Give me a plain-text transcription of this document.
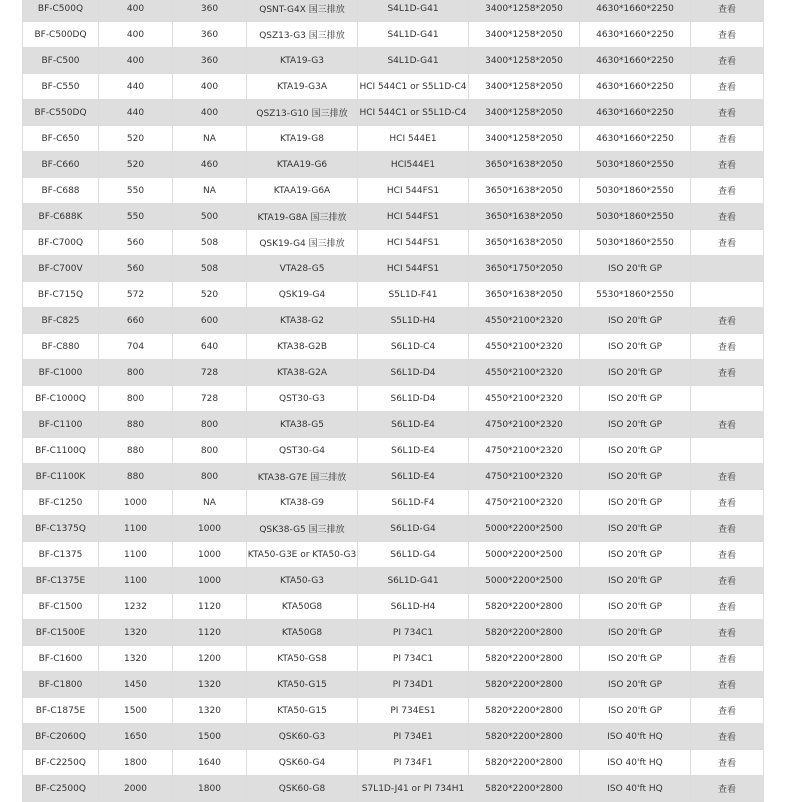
BF-C500Q	400	360	QSNT-G4X 国三排放	S4L1D-G41	3400*1258*2050	4630*1660*2250	查看
BF-C500DQ	400	360	QSZ13-G3 国三排放	S4L1D-G41	3400*1258*2050	4630*1660*2250	查看
BF-C500	400	360	KTA19-G3	S4L1D-G41	3400*1258*2050	4630*1660*2250	查看
BF-C550	440	400	KTA19-G3A	HCI 544C1 or S5L1D-C4	3400*1258*2050	4630*1660*2250	查看
BF-C550DQ	440	400	QSZ13-G10 国三排放	HCI 544C1 or S5L1D-C4	3400*1258*2050	4630*1660*2250	查看
BF-C650	520	NA	KTA19-G8	HCI 544E1	3400*1258*2050	4630*1660*2250	查看
BF-C660	520	460	KTAA19-G6	HCI544E1	3650*1638*2050	5030*1860*2550	查看
BF-C688	550	NA	KTAA19-G6A	HCI 544FS1	3650*1638*2050	5030*1860*2550	查看
BF-C688K	550	500	KTA19-G8A 国三排放	HCI 544FS1	3650*1638*2050	5030*1860*2550	查看
BF-C700Q	560	508	QSK19-G4 国三排放	HCI 544FS1	3650*1638*2050	5030*1860*2550	查看
BF-C700V	560	508	VTA28-G5	HCI 544FS1	3650*1750*2050	ISO 20'ft GP	
BF-C715Q	572	520	QSK19-G4	S5L1D-F41	3650*1638*2050	5530*1860*2550	
BF-C825	660	600	KTA38-G2	S5L1D-H4	4550*2100*2320	ISO 20'ft GP	查看
BF-C880	704	640	KTA38-G2B	S6L1D-C4	4550*2100*2320	ISO 20'ft GP	查看
BF-C1000	800	728	KTA38-G2A	S6L1D-D4	4550*2100*2320	ISO 20'ft GP	查看
BF-C1000Q	800	728	QST30-G3	S6L1D-D4	4550*2100*2320	ISO 20'ft GP	
BF-C1100	880	800	KTA38-G5	S6L1D-E4	4750*2100*2320	ISO 20'ft GP	查看
BF-C1100Q	880	800	QST30-G4	S6L1D-E4	4750*2100*2320	ISO 20'ft GP	
BF-C1100K	880	800	KTA38-G7E 国三排放	S6L1D-E4	4750*2100*2320	ISO 20'ft GP	查看
BF-C1250	1000	NA	KTA38-G9	S6L1D-F4	4750*2100*2320	ISO 20'ft GP	查看
BF-C1375Q	1100	1000	QSK38-G5 国三排放	S6L1D-G4	5000*2200*2500	ISO 20'ft GP	查看
BF-C1375	1100	1000	KTA50-G3E or KTA50-G3	S6L1D-G4	5000*2200*2500	ISO 20'ft GP	查看
BF-C1375E	1100	1000	KTA50-G3	S6L1D-G41	5000*2200*2500	ISO 20'ft GP	查看
BF-C1500	1232	1120	KTA50G8	S6L1D-H4	5820*2200*2800	ISO 20'ft GP	查看
BF-C1500E	1320	1120	KTA50G8	PI 734C1	5820*2200*2800	ISO 20'ft GP	查看
BF-C1600	1320	1200	KTA50-GS8	PI 734C1	5820*2200*2800	ISO 20'ft GP	查看
BF-C1800	1450	1320	KTA50-G15	PI 734D1	5820*2200*2800	ISO 20'ft GP	查看
BF-C1875E	1500	1320	KTA50-G15	PI 734ES1	5820*2200*2800	ISO 20'ft GP	查看
BF-C2060Q	1650	1500	QSK60-G3	PI 734E1	5820*2200*2800	ISO 40'ft HQ	查看
BF-C2250Q	1800	1640	QSK60-G4	PI 734F1	5820*2200*2800	ISO 40'ft HQ	查看
BF-C2500Q	2000	1800	QSK60-G8	S7L1D-J41 or PI 734H1	5820*2200*2800	ISO 40'ft HQ	查看
